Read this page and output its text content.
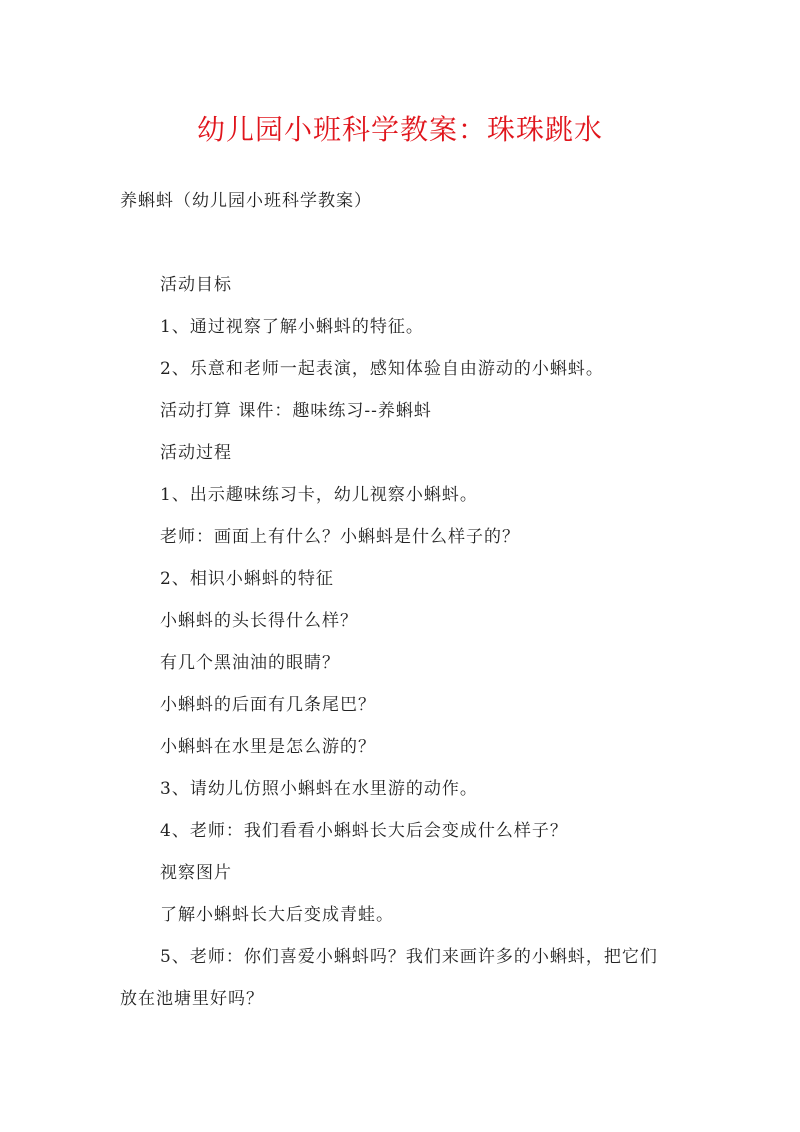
幼儿园小班科学教案：珠珠跳水
养蝌蚪（幼儿园小班科学教案）
活动目标
1、通过视察了解小蝌蚪的特征。
2、乐意和老师一起表演，感知体验自由游动的小蝌蚪。
活动打算 课件：趣味练习--养蝌蚪
活动过程
1、出示趣味练习卡，幼儿视察小蝌蚪。
老师：画面上有什么？小蝌蚪是什么样子的？
2、相识小蝌蚪的特征
小蝌蚪的头长得什么样？
有几个黑油油的眼睛？
小蝌蚪的后面有几条尾巴？
小蝌蚪在水里是怎么游的？
3、请幼儿仿照小蝌蚪在水里游的动作。
4、老师：我们看看小蝌蚪长大后会变成什么样子？
视察图片
了解小蝌蚪长大后变成青蛙。
5、老师：你们喜爱小蝌蚪吗？我们来画许多的小蝌蚪，把它们
放在池塘里好吗？
